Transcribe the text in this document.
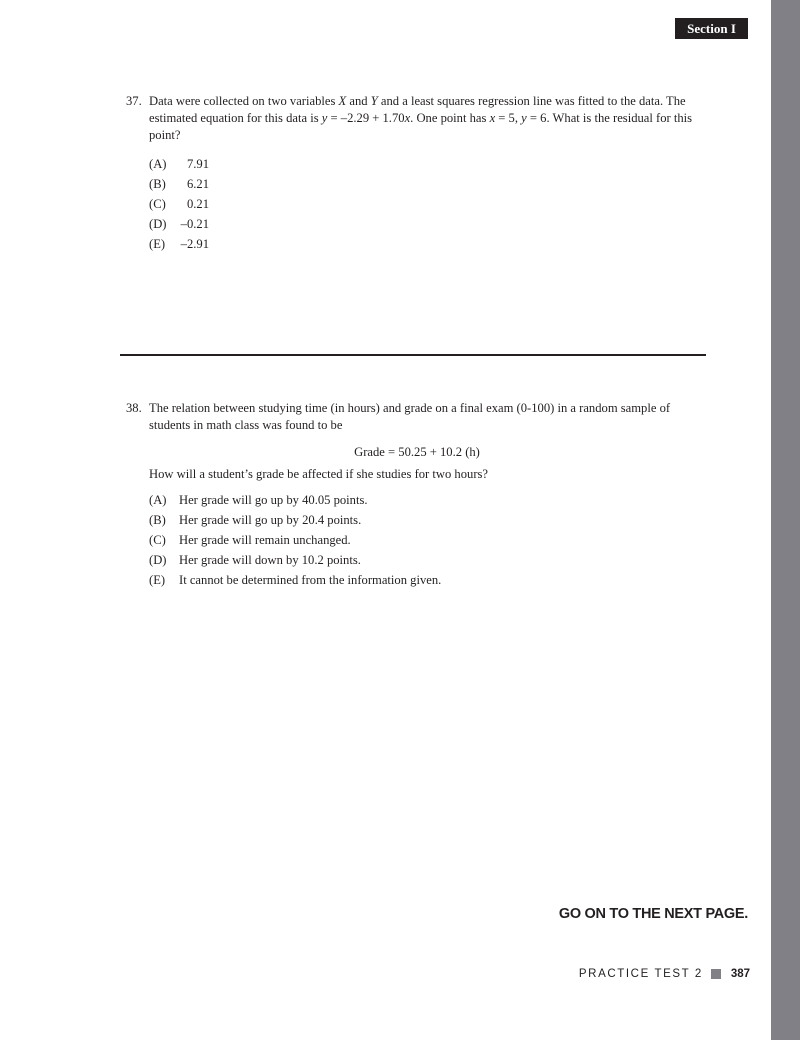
Section I
37. Data were collected on two variables X and Y and a least squares regression line was fitted to the data. The estimated equation for this data is y = –2.29 + 1.70x. One point has x = 5, y = 6. What is the residual for this point?
(A)	7.91
(B)	6.21
(C)	0.21
(D)	–0.21
(E)	–2.91
38. The relation between studying time (in hours) and grade on a final exam (0-100) in a random sample of students in math class was found to be
Grade = 50.25 + 10.2 (h)
How will a student’s grade be affected if she studies for two hours?
(A) Her grade will go up by 40.05 points.
(B)	Her grade will go up by 20.4 points.
(C)	Her grade will remain unchanged.
(D) Her grade will down by 10.2 points.
(E)	It cannot be determined from the information given.
GO ON TO THE NEXT PAGE.
PRACTICE TEST 2 387
